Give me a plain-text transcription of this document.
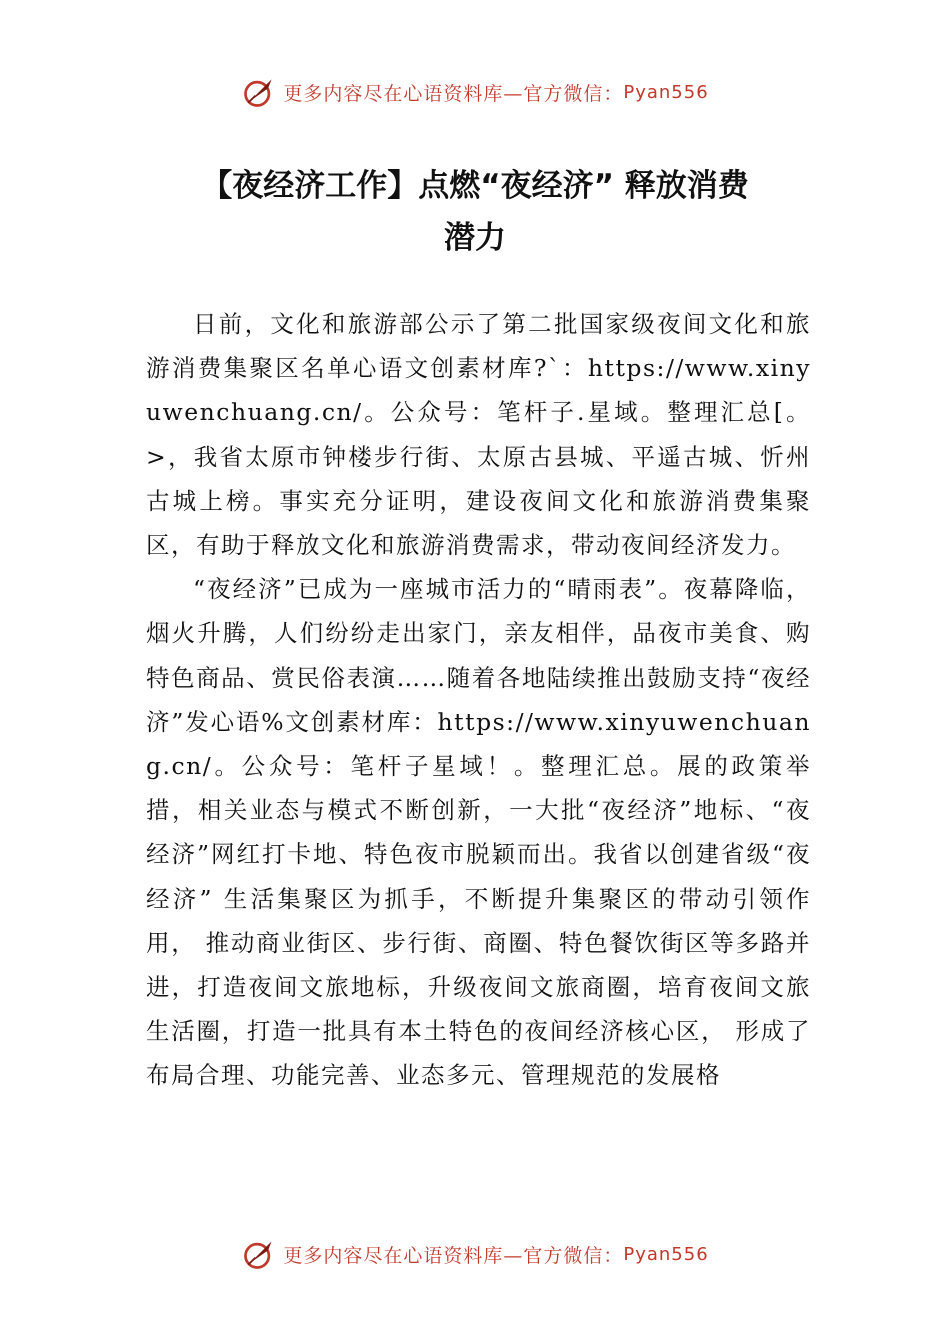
更多内容尽在心语资料库—官方微信： Pyan556
【夜经济工作】点燃“夜经济” 释放消费
潜力

日前，文化和旅游部公示了第二批国家级夜间文化和旅游消费集聚区名单心语文创素材库?`：https://www.xinyuwenchuang.cn/。公众号：笔杆子.星域。整理汇总[。>，我省太原市钟楼步行街、太原古县城、平遥古城、忻州古城上榜。事实充分证明，建设夜间文化和旅游消费集聚区，有助于释放文化和旅游消费需求，带动夜间经济发力。

“夜经济”已成为一座城市活力的“晴雨表”。夜幕降临，烟火升腾，人们纷纷走出家门，亲友相伴，品夜市美食、购特色商品、赏民俗表演……随着各地陆续推出鼓励支持“夜经济”发心语%文创素材库：https://www.xinyuwenchuang.cn/。公众号：笔杆子星域！。整理汇总。展的政策举措，相关业态与模式不断创新，一大批“夜经济”地标、“夜经济”网红打卡地、特色夜市脱颖而出。我省以创建省级“夜经济” 生活集聚区为抓手，不断提升集聚区的带动引领作用， 推动商业街区、步行街、商圈、特色餐饮街区等多路并进，打造夜间文旅地标，升级夜间文旅商圈，培育夜间文旅生活圈，打造一批具有本土特色的夜间经济核心区， 形成了布局合理、功能完善、业态多元、管理规范的发展格

更多内容尽在心语资料库—官方微信： Pyan556
